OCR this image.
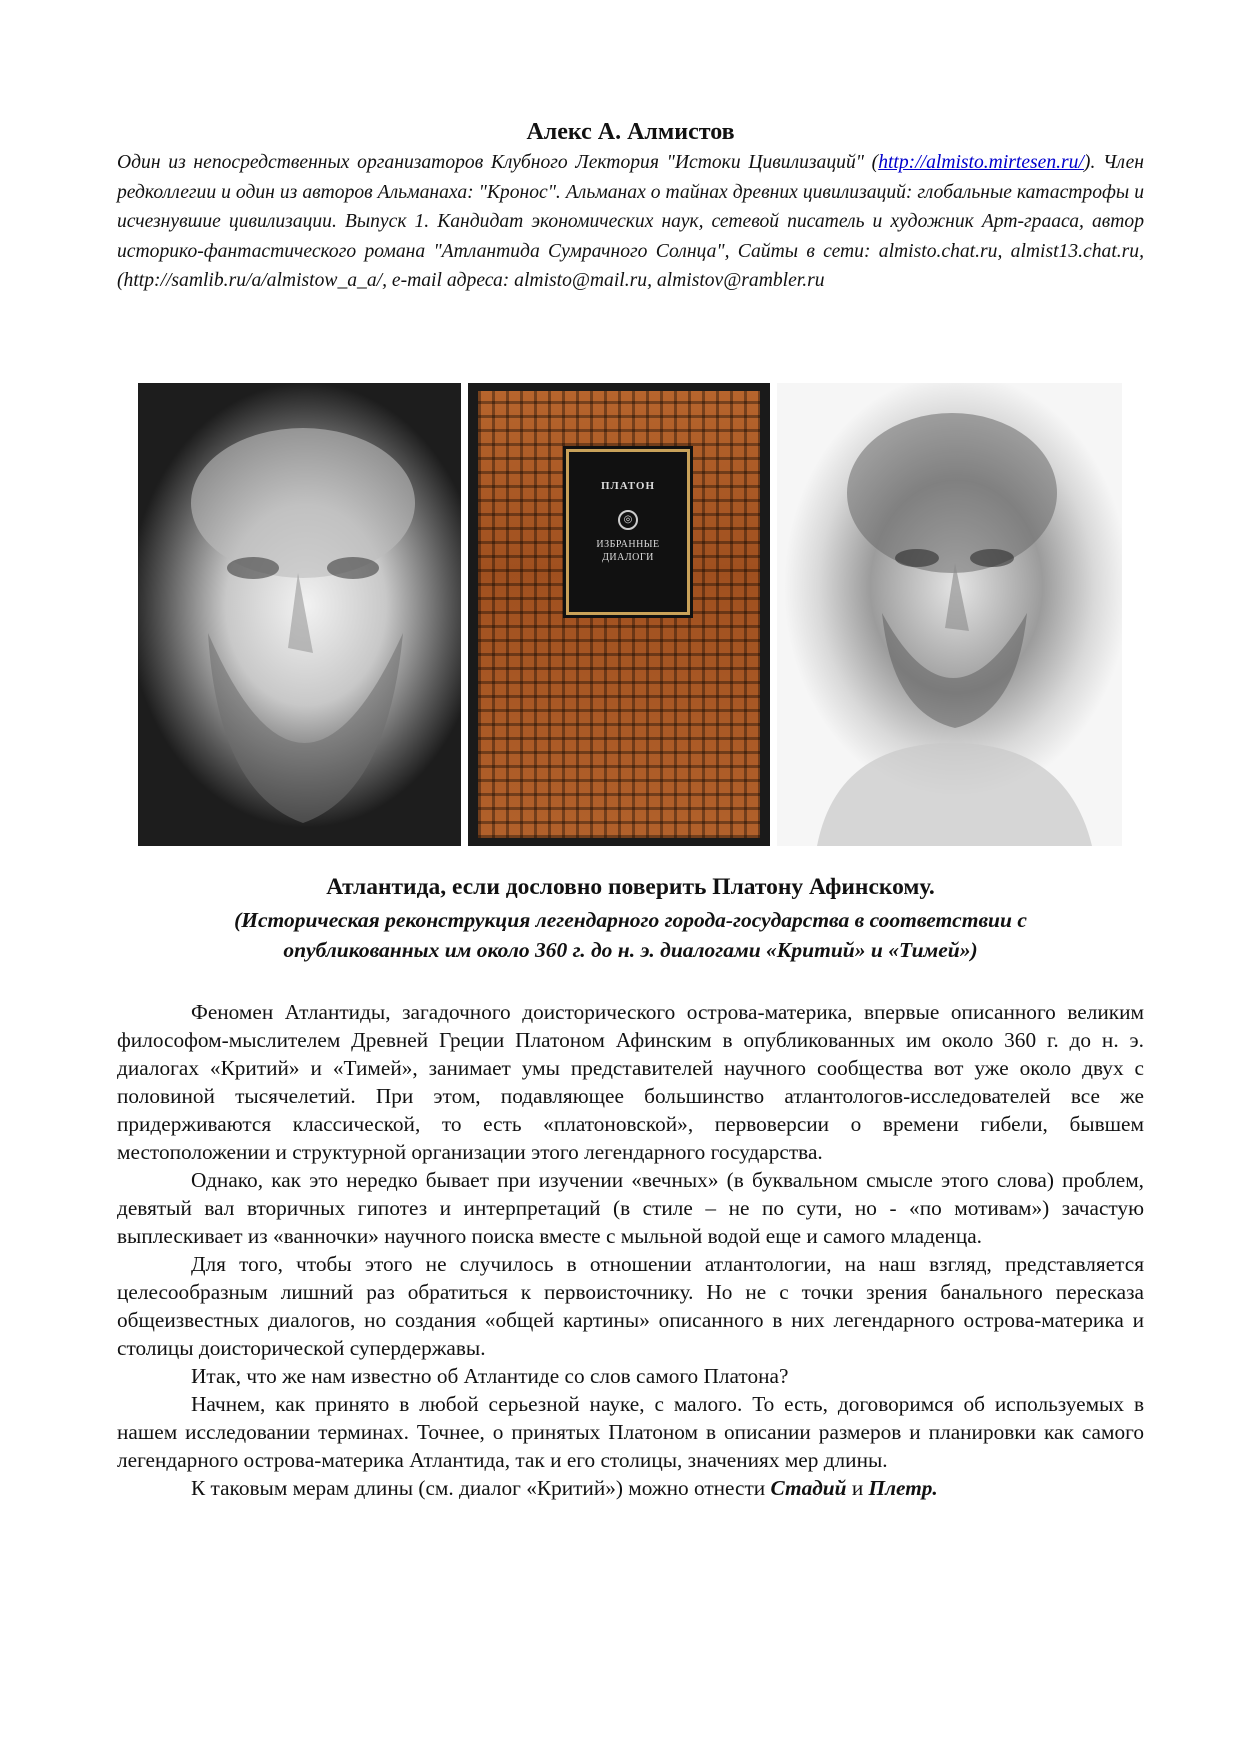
Алекс А. Алмистов
Один из непосредственных организаторов Клубного Лектория "Истоки Цивилизаций" (http://almisto.mirtesen.ru/). Член редколлегии и один из авторов Альманаха: "Кронос". Альманах о тайнах древних цивилизаций: глобальные катастрофы и исчезнувшие цивилизации. Выпуск 1. Кандидат экономических наук, сетевой писатель и художник Арт-грааса, автор историко-фантастического романа "Атлантида Сумрачного Солнца", Сайты в сети: almisto.chat.ru, almist13.chat.ru, (http://samlib.ru/a/almistow_a_a/, e-mail адреса: almisto@mail.ru, almistov@rambler.ru
ПЛАТОН
◎
ИЗБРАННЫЕ
ДИАЛОГИ
Атлантида, если дословно поверить Платону Афинскому.
(Историческая реконструкция легендарного города-государства в соответствии с
опубликованных им около 360 г. до н. э. диалогами «Критий» и «Тимей»)

Феномен Атлантиды, загадочного доисторического острова-материка, впервые описанного великим философом-мыслителем Древней Греции Платоном Афинским в опубликованных им около 360 г. до н. э. диалогах «Критий» и «Тимей», занимает умы представителей научного сообщества вот уже около двух с половиной тысячелетий. При этом, подавляющее большинство атлантологов-исследователей все же придерживаются классической, то есть «платоновской», первоверсии о времени гибели, бывшем местоположении и структурной организации этого легендарного государства.

Однако, как это нередко бывает при изучении «вечных» (в буквальном смысле этого слова) проблем, девятый вал вторичных гипотез и интерпретаций (в стиле – не по сути, но - «по мотивам») зачастую выплескивает из «ванночки» научного поиска вместе с мыльной водой еще и самого младенца.

Для того, чтобы этого не случилось в отношении атлантологии, на наш взгляд, представляется целесообразным лишний раз обратиться к первоисточнику. Но не с точки зрения банального пересказа общеизвестных диалогов, но создания «общей картины» описанного в них легендарного острова-материка и столицы доисторической супердержавы.

Итак, что же нам известно об Атлантиде со слов самого Платона?

Начнем, как принято в любой серьезной науке, с малого. То есть, договоримся об используемых в нашем исследовании терминах. Точнее, о принятых Платоном в описании размеров и планировки как самого легендарного острова-материка Атлантида, так и его столицы, значениях мер длины.

К таковым мерам длины (см. диалог «Критий») можно отнести Стадий и Плетр.
